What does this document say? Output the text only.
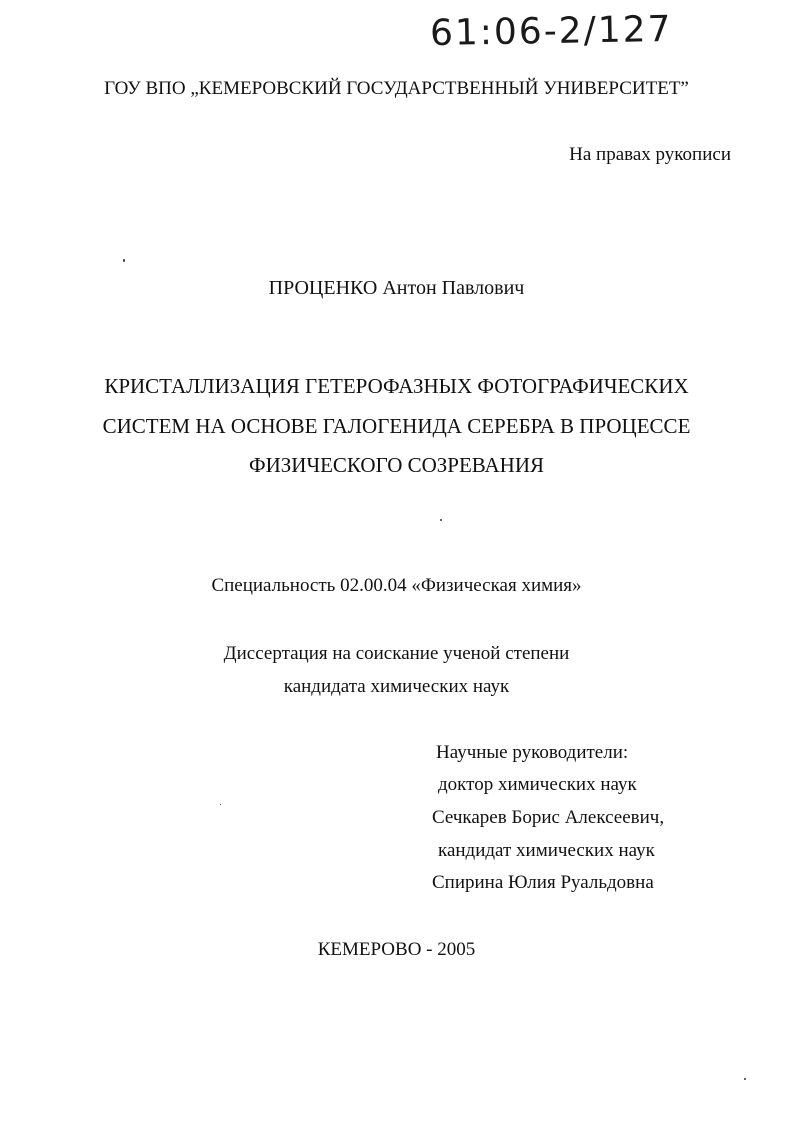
61:06-2/127
ГОУ ВПО „КЕМЕРОВСКИЙ ГОСУДАРСТВЕННЫЙ УНИВЕРСИТЕТ”
На правах рукописи
ПРОЦЕНКО Антон Павлович
КРИСТАЛЛИЗАЦИЯ ГЕТЕРОФАЗНЫХ ФОТОГРАФИЧЕСКИХ
СИСТЕМ НА ОСНОВЕ ГАЛОГЕНИДА СЕРЕБРА В ПРОЦЕССЕ
ФИЗИЧЕСКОГО СОЗРЕВАНИЯ
Специальность 02.00.04 «Физическая химия»
Диссертация на соискание ученой степени
кандидата химических наук
Научные руководители:
доктор химических наук
Сечкарев Борис Алексеевич,
кандидат химических наук
Спирина Юлия Руальдовна
КЕМЕРОВО - 2005
